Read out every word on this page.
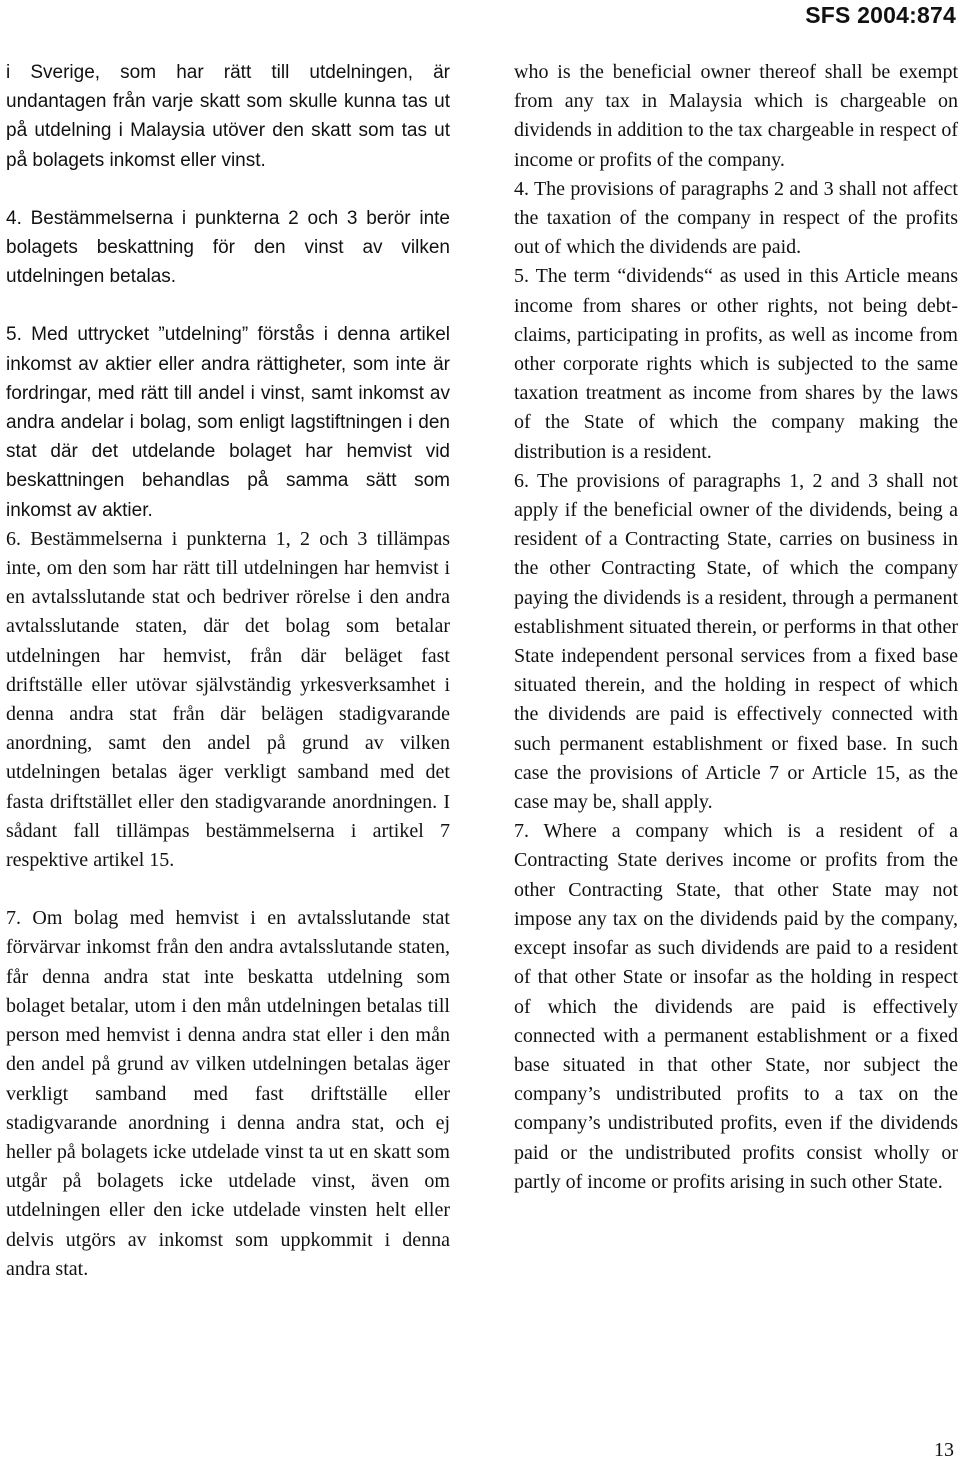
SFS 2004:874

i Sverige, som har rätt till utdelningen, är undantagen från varje skatt som skulle kunna tas ut på utdelning i Malaysia utöver den skatt som tas ut på bolagets inkomst eller vinst.

4. Bestämmelserna i punkterna 2 och 3 berör inte bolagets beskattning för den vinst av vilken utdelningen betalas.

5. Med uttrycket ”utdelning” förstås i denna artikel inkomst av aktier eller andra rättigheter, som inte är fordringar, med rätt till andel i vinst, samt inkomst av andra andelar i bolag, som enligt lagstiftningen i den stat där det utdelande bolaget har hemvist vid beskattningen behandlas på samma sätt som inkomst av aktier.

6. Bestämmelserna i punkterna 1, 2 och 3 tillämpas inte, om den som har rätt till utdelningen har hemvist i en avtalsslutande stat och bedriver rörelse i den andra avtalsslutande staten, där det bolag som betalar utdelningen har hemvist, från där beläget fast driftställe eller utövar självständig yrkesverksamhet i denna andra stat från där belägen stadigvarande anordning, samt den andel på grund av vilken utdelningen betalas äger verkligt samband med det fasta driftstället eller den stadigvarande anordningen. I sådant fall tillämpas bestämmelserna i artikel 7 respektive artikel 15.

7. Om bolag med hemvist i en avtalsslutande stat förvärvar inkomst från den andra avtalsslutande staten, får denna andra stat inte beskatta utdelning som bolaget betalar, utom i den mån utdelningen betalas till person med hemvist i denna andra stat eller i den mån den andel på grund av vilken utdelningen betalas äger verkligt samband med fast driftställe eller stadigvarande anordning i denna andra stat, och ej heller på bolagets icke utdelade vinst ta ut en skatt som utgår på bolagets icke utdelade vinst, även om utdelningen eller den icke utdelade vinsten helt eller delvis utgörs av inkomst som uppkommit i denna andra stat.

who is the beneficial owner thereof shall be exempt from any tax in Malaysia which is chargeable on dividends in addition to the tax chargeable in respect of income or profits of the company.

4. The provisions of paragraphs 2 and 3 shall not affect the taxation of the company in respect of the profits out of which the dividends are paid.

5. The term “dividends“ as used in this Article means income from shares or other rights, not being debt-claims, participating in profits, as well as income from other corporate rights which is subjected to the same taxation treatment as income from shares by the laws of the State of which the company making the distribution is a resident.

6. The provisions of paragraphs 1, 2 and 3 shall not apply if the beneficial owner of the dividends, being a resident of a Contracting State, carries on business in the other Contracting State, of which the company paying the dividends is a resident, through a permanent establishment situated therein, or performs in that other State independent personal services from a fixed base situated therein, and the holding in respect of which the dividends are paid is effectively connected with such permanent establishment or fixed base. In such case the provisions of Article 7 or Article 15, as the case may be, shall apply.

7. Where a company which is a resident of a Contracting State derives income or profits from the other Contracting State, that other State may not impose any tax on the dividends paid by the company, except insofar as such dividends are paid to a resident of that other State or insofar as the holding in respect of which the dividends are paid is effectively connected with a permanent establishment or a fixed base situated in that other State, nor subject the company’s undistributed profits to a tax on the company’s undistributed profits, even if the dividends paid or the undistributed profits consist wholly or partly of income or profits arising in such other State.

13
